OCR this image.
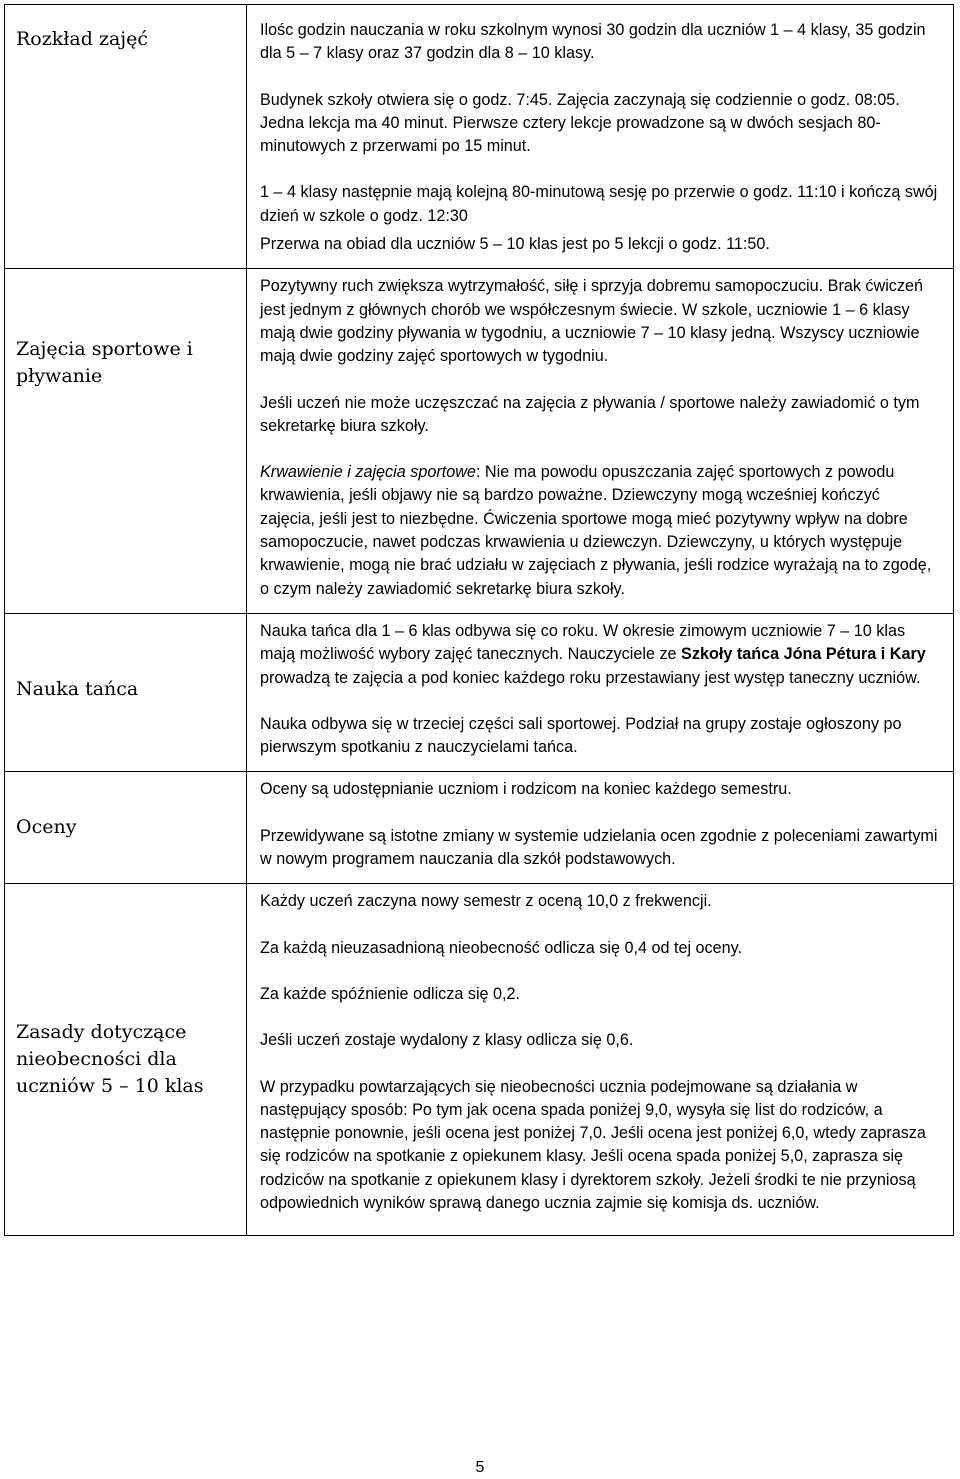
Rozkład zajęć	Ilośc godzin nauczania w roku szkolnym wynosi 30 godzin dla uczniów 1 – 4 klasy, 35 godzin dla 5 – 7 klasy oraz 37 godzin dla 8 – 10 klasy.

Budynek szkoły otwiera się o godz. 7:45. Zajęcia zaczynają się codziennie o godz. 08:05. Jedna lekcja ma 40 minut. Pierwsze cztery lekcje prowadzone są w dwóch sesjach 80-minutowych z przerwami po 15 minut.

1 – 4 klasy następnie mają kolejną 80-minutową sesję po przerwie o godz. 11:10 i kończą swój dzień w szkole o godz. 12:30

Przerwa na obiad dla uczniów 5 – 10 klas jest po 5 lekcji o godz. 11:50.

Zajęcia sportowe i pływanie	Pozytywny ruch zwiększa wytrzymałość, siłę i sprzyja dobremu samopoczuciu. Brak ćwiczeń jest jednym z głównych chorób we współczesnym świecie. W szkole, uczniowie 1 – 6 klasy mają dwie godziny pływania w tygodniu, a uczniowie 7 – 10 klasy jedną. Wszyscy uczniowie mają dwie godziny zajęć sportowych w tygodniu.

Jeśli uczeń nie może uczęszczać na zajęcia z pływania / sportowe należy zawiadomić o tym sekretarkę biura szkoły.

Krwawienie i zajęcia sportowe: Nie ma powodu opuszczania zajęć sportowych z powodu krwawienia, jeśli objawy nie są bardzo poważne. Dziewczyny mogą wcześniej kończyć zajęcia, jeśli jest to niezbędne. Ćwiczenia sportowe mogą mieć pozytywny wpływ na dobre samopoczucie, nawet podczas krwawienia u dziewczyn. Dziewczyny, u których występuje krwawienie, mogą nie brać udziału w zajęciach z pływania, jeśli rodzice wyrażają na to zgodę, o czym należy zawiadomić sekretarkę biura szkoły.

Nauka tańca	Nauka tańca dla 1 – 6 klas odbywa się co roku. W okresie zimowym uczniowie 7 – 10 klas mają możliwość wybory zajęć tanecznych. Nauczyciele ze Szkoły tańca Jóna Pétura i Kary prowadzą te zajęcia a pod koniec każdego roku przestawiany jest występ taneczny uczniów.

Nauka odbywa się w trzeciej części sali sportowej. Podział na grupy zostaje ogłoszony po pierwszym spotkaniu z nauczycielami tańca.

Oceny	Oceny są udostępnianie uczniom i rodzicom na koniec każdego semestru.

Przewidywane są istotne zmiany w systemie udzielania ocen zgodnie z poleceniami zawartymi w nowym programem nauczania dla szkół podstawowych.

Zasady dotyczące nieobecności dla uczniów 5 – 10 klas	Każdy uczeń zaczyna nowy semestr z oceną 10,0 z frekwencji.

Za każdą nieuzasadnioną nieobecność odlicza się 0,4 od tej oceny.

Za każde spóźnienie odlicza się 0,2.

Jeśli uczeń zostaje wydalony z klasy odlicza się 0,6.

W przypadku powtarzających się nieobecności ucznia podejmowane są działania w następujący sposób: Po tym jak ocena spada poniżej 9,0, wysyła się list do rodziców, a następnie ponownie, jeśli ocena jest poniżej 7,0. Jeśli ocena jest poniżej 6,0, wtedy zaprasza się rodziców na spotkanie z opiekunem klasy. Jeśli ocena spada poniżej 5,0, zaprasza się rodziców na spotkanie z opiekunem klasy i dyrektorem szkoły. Jeżeli środki te nie przyniosą odpowiednich wyników sprawą danego ucznia zajmie się komisja ds. uczniów.

5
